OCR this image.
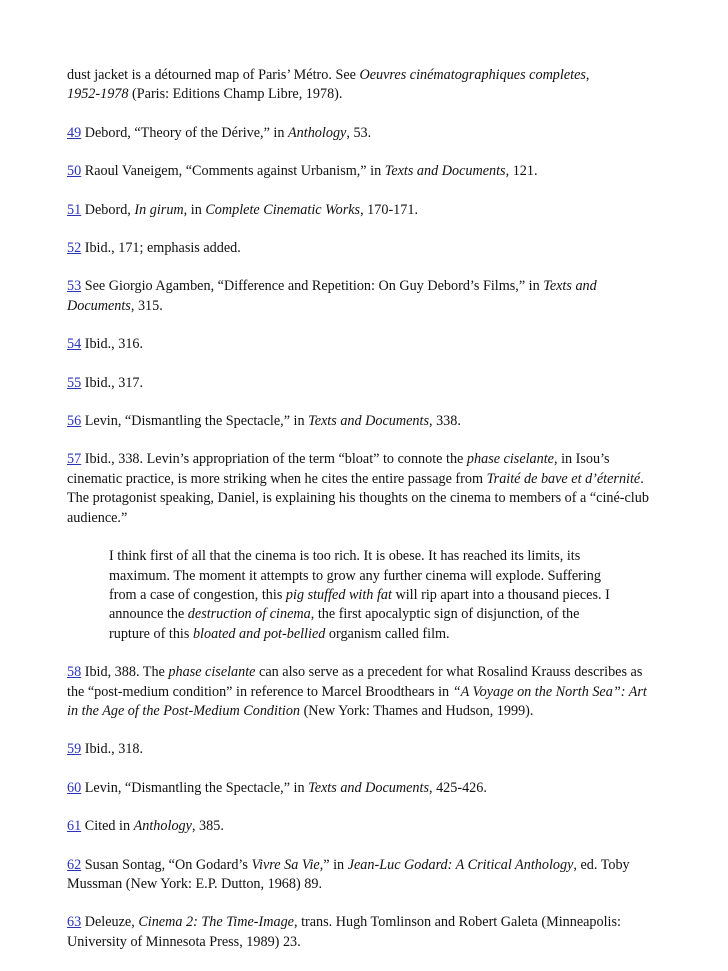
dust jacket is a détourned map of Paris’ Métro. See Oeuvres cinématographiques completes,
1952-1978 (Paris: Editions Champ Libre, 1978).

49 Debord, “Theory of the Dérive,” in Anthology, 53.

50 Raoul Vaneigem, “Comments against Urbanism,” in Texts and Documents, 121.

51 Debord, In girum, in Complete Cinematic Works, 170-171.

52 Ibid., 171; emphasis added.

53 See Giorgio Agamben, “Difference and Repetition: On Guy Debord’s Films,” in Texts and
Documents, 315.

54 Ibid., 316.

55 Ibid., 317.

56 Levin, “Dismantling the Spectacle,” in Texts and Documents, 338.

57 Ibid., 338. Levin’s appropriation of the term “bloat” to connote the phase ciselante, in Isou’s
cinematic practice, is more striking when he cites the entire passage from Traité de bave et d’éternité.
The protagonist speaking, Daniel, is explaining his thoughts on the cinema to members of a “ciné-club
audience.”

I think first of all that the cinema is too rich. It is obese. It has reached its limits, its
maximum. The moment it attempts to grow any further cinema will explode. Suffering
from a case of congestion, this pig stuffed with fat will rip apart into a thousand pieces. I
announce the destruction of cinema, the first apocalyptic sign of disjunction, of the
rupture of this bloated and pot-bellied organism called film.

58 Ibid, 388. The phase ciselante can also serve as a precedent for what Rosalind Krauss describes as
the “post-medium condition” in reference to Marcel Broodthears in “A Voyage on the North Sea”: Art
in the Age of the Post-Medium Condition (New York: Thames and Hudson, 1999).

59 Ibid., 318.

60 Levin, “Dismantling the Spectacle,” in Texts and Documents, 425-426.

61 Cited in Anthology, 385.

62 Susan Sontag, “On Godard’s Vivre Sa Vie,” in Jean-Luc Godard: A Critical Anthology, ed. Toby
Mussman (New York: E.P. Dutton, 1968) 89.

63 Deleuze, Cinema 2: The Time-Image, trans. Hugh Tomlinson and Robert Galeta (Minneapolis:
University of Minnesota Press, 1989) 23.
